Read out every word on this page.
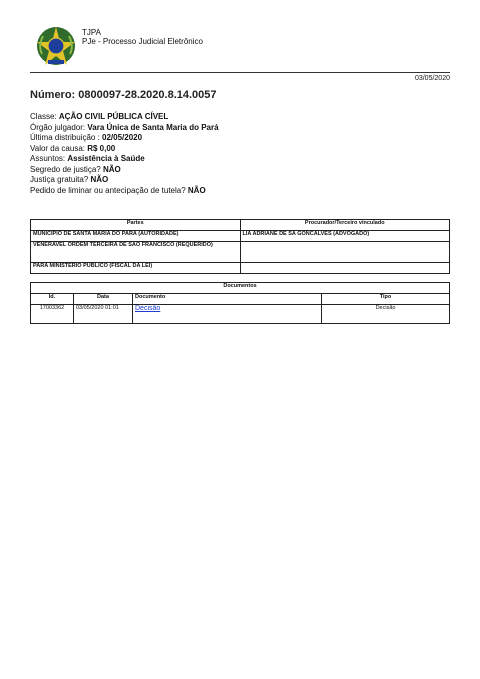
TJPA
PJe - Processo Judicial Eletrônico
03/05/2020
Número: 0800097-28.2020.8.14.0057
Classe: AÇÃO CIVIL PÚBLICA CÍVEL
Órgão julgador: Vara Única de Santa Maria do Pará
Última distribuição : 02/05/2020
Valor da causa: R$ 0,00
Assuntos: Assistência à Saúde
Segredo de justiça? NÃO
Justiça gratuita? NÃO
Pedido de liminar ou antecipação de tutela? NÃO
Partes	Procurador/Terceiro vinculado
MUNICIPIO DE SANTA MARIA DO PARA (AUTORIDADE)	LIA ADRIANE DE SA GONCALVES (ADVOGADO)
VENERAVEL ORDEM TERCEIRA DE SAO FRANCISCO (REQUERIDO)	
PARA MINISTERIO PUBLICO (FISCAL DA LEI)	
Documentos			
Id.	Data	Documento	Tipo
17003362	03/05/2020 01:01	Decisão	Decisão
